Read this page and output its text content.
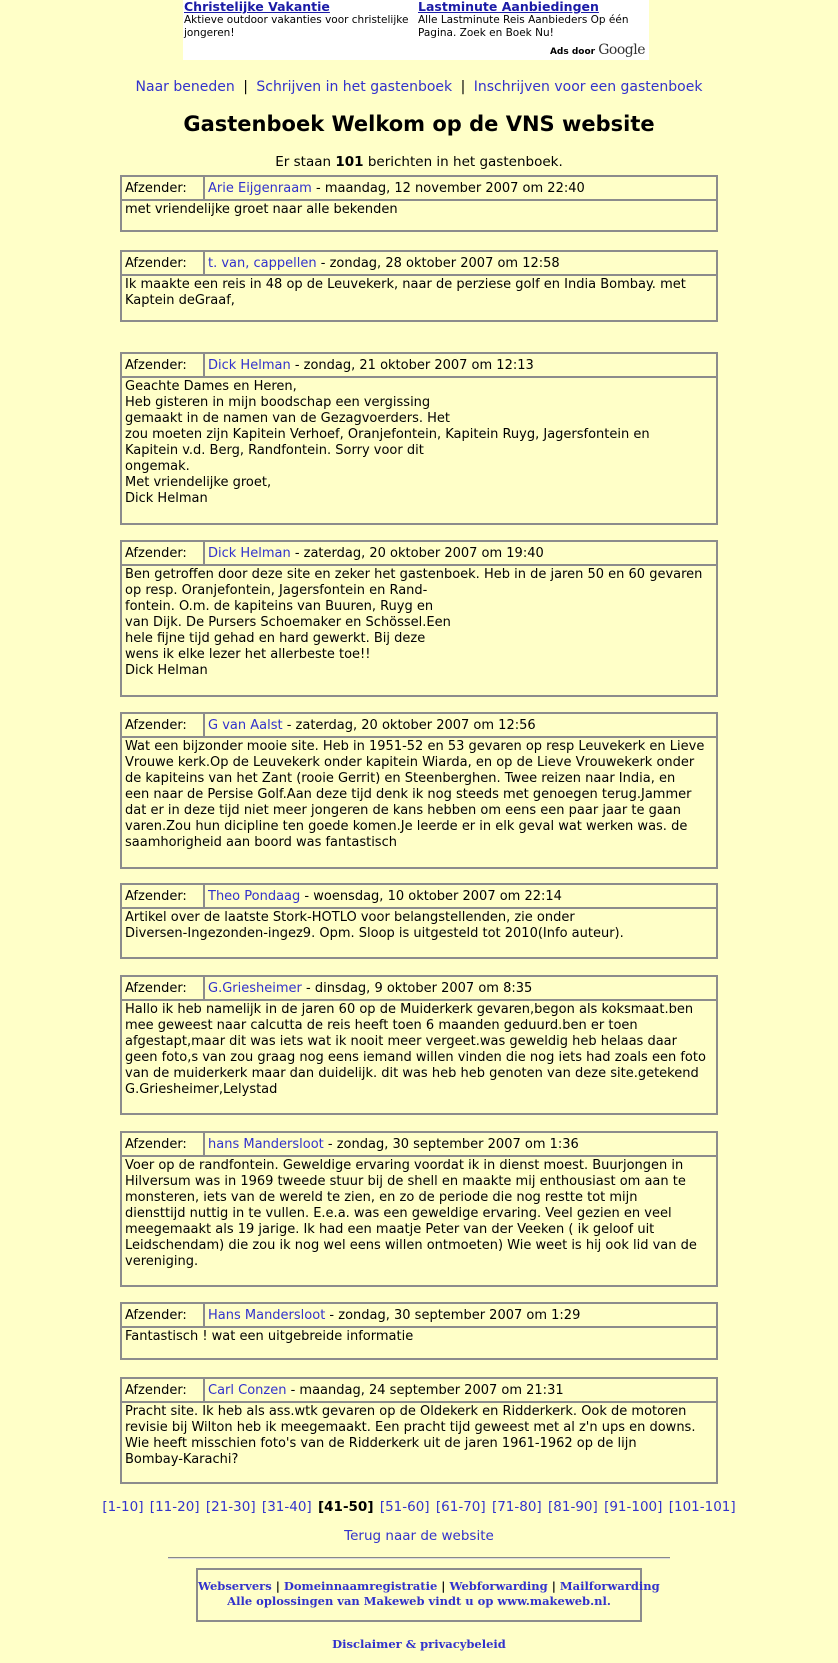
Christelijke Vakantie
Aktieve outdoor vakanties voor christelijke jongeren!
Lastminute Aanbiedingen
Alle Lastminute Reis Aanbieders Op één Pagina. Zoek en Boek Nu!
Ads door Google
Naar beneden | Schrijven in het gastenboek | Inschrijven voor een gastenboek
Gastenboek Welkom op de VNS website
Er staan 101 berichten in het gastenboek.
Afzender:	Arie Eijgenraam - maandag, 12 november 2007 om 22:40
met vriendelijke groet naar alle bekenden
Afzender:	t. van, cappellen - zondag, 28 oktober 2007 om 12:58
Ik maakte een reis in 48 op de Leuvekerk, naar de perziese golf en India Bombay. met
Kaptein deGraaf,
Afzender:	Dick Helman - zondag, 21 oktober 2007 om 12:13
Geachte Dames en Heren,
Heb gisteren in mijn boodschap een vergissing
gemaakt in de namen van de Gezagvoerders. Het
zou moeten zijn Kapitein Verhoef, Oranjefontein, Kapitein Ruyg, Jagersfontein en
Kapitein v.d. Berg, Randfontein. Sorry voor dit
ongemak.
Met vriendelijke groet,
Dick Helman
Afzender:	Dick Helman - zaterdag, 20 oktober 2007 om 19:40
Ben getroffen door deze site en zeker het gastenboek. Heb in de jaren 50 en 60 gevaren
op resp. Oranjefontein, Jagersfontein en Rand-
fontein. O.m. de kapiteins van Buuren, Ruyg en
van Dijk. De Pursers Schoemaker en Schössel.Een
hele fijne tijd gehad en hard gewerkt. Bij deze
wens ik elke lezer het allerbeste toe!!
Dick Helman
Afzender:	G van Aalst - zaterdag, 20 oktober 2007 om 12:56
Wat een bijzonder mooie site. Heb in 1951-52 en 53 gevaren op resp Leuvekerk en Lieve
Vrouwe kerk.Op de Leuvekerk onder kapitein Wiarda, en op de Lieve Vrouwekerk onder
de kapiteins van het Zant (rooie Gerrit) en Steenberghen. Twee reizen naar India, en
een naar de Persise Golf.Aan deze tijd denk ik nog steeds met genoegen terug.Jammer
dat er in deze tijd niet meer jongeren de kans hebben om eens een paar jaar te gaan
varen.Zou hun dicipline ten goede komen.Je leerde er in elk geval wat werken was. de
saamhorigheid aan boord was fantastisch
Afzender:	Theo Pondaag - woensdag, 10 oktober 2007 om 22:14
Artikel over de laatste Stork-HOTLO voor belangstellenden, zie onder
Diversen-Ingezonden-ingez9. Opm. Sloop is uitgesteld tot 2010(Info auteur).
Afzender:	G.Griesheimer - dinsdag, 9 oktober 2007 om 8:35
Hallo ik heb namelijk in de jaren 60 op de Muiderkerk gevaren,begon als koksmaat.ben
mee geweest naar calcutta de reis heeft toen 6 maanden geduurd.ben er toen
afgestapt,maar dit was iets wat ik nooit meer vergeet.was geweldig heb helaas daar
geen foto,s van zou graag nog eens iemand willen vinden die nog iets had zoals een foto
van de muiderkerk maar dan duidelijk. dit was heb heb genoten van deze site.getekend
G.Griesheimer,Lelystad
Afzender:	hans Mandersloot - zondag, 30 september 2007 om 1:36
Voer op de randfontein. Geweldige ervaring voordat ik in dienst moest. Buurjongen in
Hilversum was in 1969 tweede stuur bij de shell en maakte mij enthousiast om aan te
monsteren, iets van de wereld te zien, en zo de periode die nog restte tot mijn
diensttijd nuttig in te vullen. E.e.a. was een geweldige ervaring. Veel gezien en veel
meegemaakt als 19 jarige. Ik had een maatje Peter van der Veeken ( ik geloof uit
Leidschendam) die zou ik nog wel eens willen ontmoeten) Wie weet is hij ook lid van de
vereniging.
Afzender:	Hans Mandersloot - zondag, 30 september 2007 om 1:29
Fantastisch ! wat een uitgebreide informatie
Afzender:	Carl Conzen - maandag, 24 september 2007 om 21:31
Pracht site. Ik heb als ass.wtk gevaren op de Oldekerk en Ridderkerk. Ook de motoren
revisie bij Wilton heb ik meegemaakt. Een pracht tijd geweest met al z'n ups en downs.
Wie heeft misschien foto's van de Ridderkerk uit de jaren 1961-1962 op de lijn
Bombay-Karachi?
[1-10] [11-20] [21-30] [31-40] [41-50] [51-60] [61-70] [71-80] [81-90] [91-100] [101-101]
Terug naar de website
Webservers | Domeinnaamregistratie | Webforwarding | Mailforwarding
Alle oplossingen van Makeweb vindt u op www.makeweb.nl.
Disclaimer & privacybeleid
